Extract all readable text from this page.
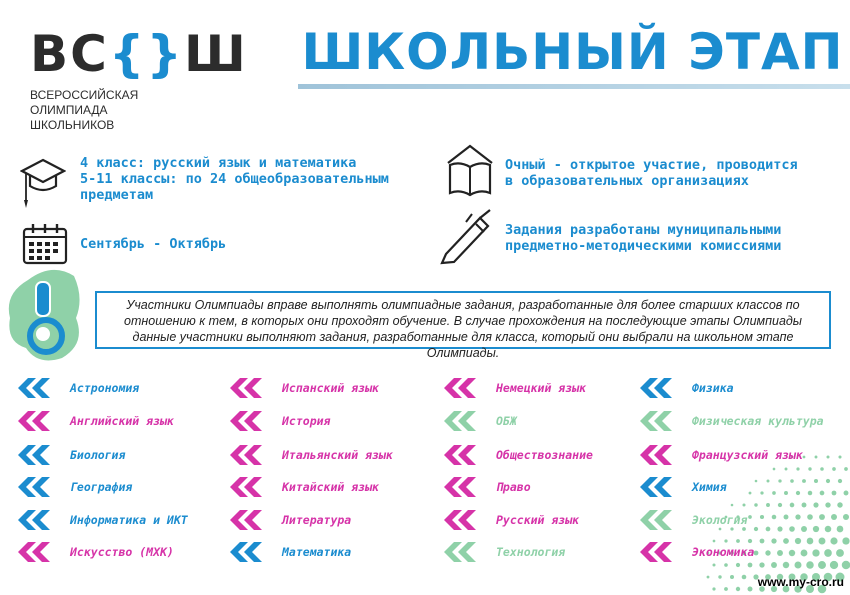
ВС{}Ш
ВСЕРОССИЙСКАЯ
ОЛИМПИАДА
ШКОЛЬНИКОВ
ШКОЛЬНЫЙ ЭТАП
4 класс: русский язык и математика
5-11 классы: по 24 общеобразовательным
предметам
Сентябрь - Октябрь
Очный - открытое участие, проводится
в образовательных организациях
Задания разработаны муниципальными
предметно-методическими комиссиями
Участники Олимпиады вправе выполнять олимпиадные задания, разработанные для более старших классов по отношению к тем, в которых они проходят обучение. В случае прохождения на последующие этапы Олимпиады данные участники выполняют задания, разработанные для класса, который они выбрали на школьном этапе Олимпиады.
Астрономия
Английский язык
Биология
География
Информатика и ИКТ
Искусство (МХК)
Испанский язык
История
Итальянский язык
Китайский язык
Литература
Математика
Немецкий язык
ОБЖ
Обществознание
Право
Русский язык
Технология
Физика
Физическая культура
Французский язык
Химия
Экология
Экономика
www.my-cro.ru
